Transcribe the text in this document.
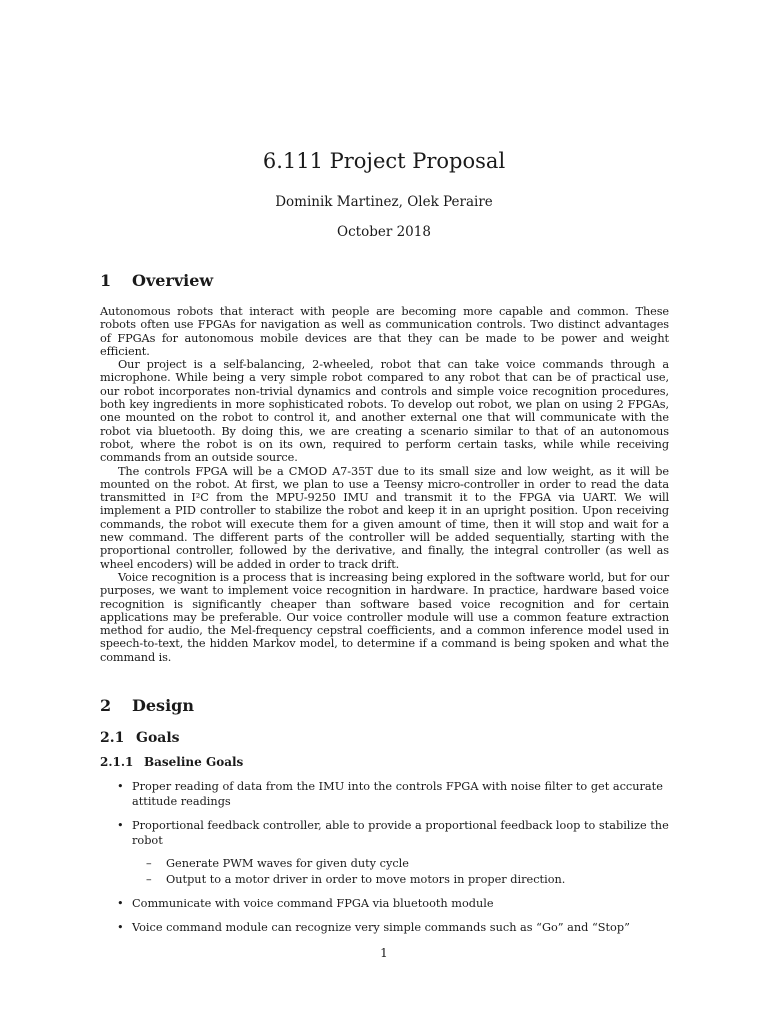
6.111 Project Proposal
Dominik Martinez, Olek Peraire
October 2018
1 Overview

Autonomous robots that interact with people are becoming more capable and common. These robots often use FPGAs for navigation as well as communication controls. Two distinct advantages of FPGAs for autonomous mobile devices are that they can be made to be power and weight efficient.

Our project is a self-balancing, 2-wheeled, robot that can take voice commands through a microphone. While being a very simple robot compared to any robot that can be of practical use, our robot incorporates non-trivial dynamics and controls and simple voice recognition procedures, both key ingredients in more sophisticated robots. To develop out robot, we plan on using 2 FPGAs, one mounted on the robot to control it, and another external one that will communicate with the robot via bluetooth. By doing this, we are creating a scenario similar to that of an autonomous robot, where the robot is on its own, required to perform certain tasks, while while receiving commands from an outside source.

The controls FPGA will be a CMOD A7-35T due to its small size and low weight, as it will be mounted on the robot. At first, we plan to use a Teensy micro-controller in order to read the data transmitted in I²C from the MPU-9250 IMU and transmit it to the FPGA via UART. We will implement a PID controller to stabilize the robot and keep it in an upright position. Upon receiving commands, the robot will execute them for a given amount of time, then it will stop and wait for a new command. The different parts of the controller will be added sequentially, starting with the proportional controller, followed by the derivative, and finally, the integral controller (as well as wheel encoders) will be added in order to track drift.

Voice recognition is a process that is increasing being explored in the software world, but for our purposes, we want to implement voice recognition in hardware. In practice, hardware based voice recognition is significantly cheaper than software based voice recognition and for certain applications may be preferable. Our voice controller module will use a common feature extraction method for audio, the Mel-frequency cepstral coefficients, and a common inference model used in speech-to-text, the hidden Markov model, to determine if a command is being spoken and what the command is.

2 Design
2.1 Goals
2.1.1 Baseline Goals
• Proper reading of data from the IMU into the controls FPGA with noise filter to get accurate attitude readings
• Proportional feedback controller, able to provide a proportional feedback loop to stabilize the robot
– Generate PWM waves for given duty cycle
– Output to a motor driver in order to move motors in proper direction.
• Communicate with voice command FPGA via bluetooth module
• Voice command module can recognize very simple commands such as “Go” and “Stop”
1
